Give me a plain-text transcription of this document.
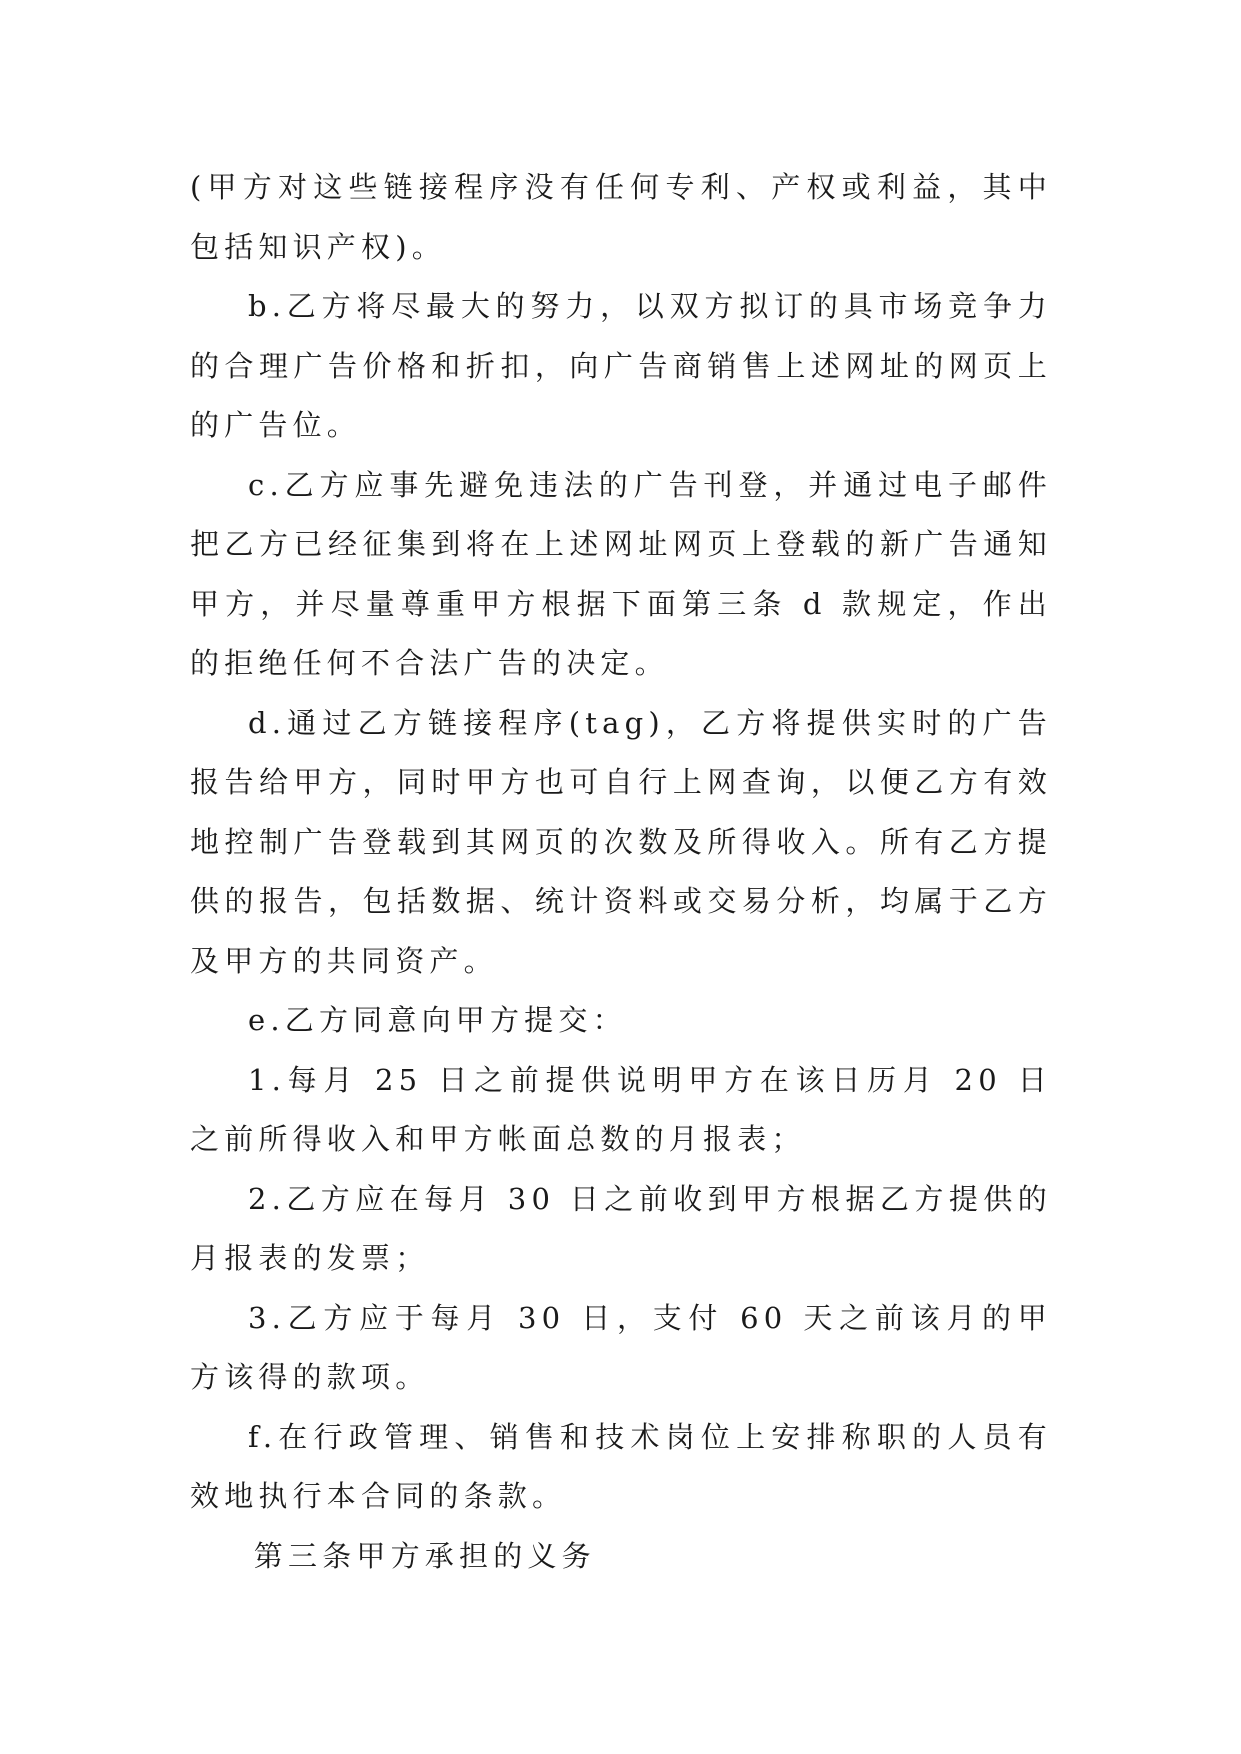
(甲方对这些链接程序没有任何专利、产权或利益，其中包括知识产权)。

b.乙方将尽最大的努力，以双方拟订的具市场竞争力的合理广告价格和折扣，向广告商销售上述网址的网页上的广告位。

c.乙方应事先避免违法的广告刊登，并通过电子邮件把乙方已经征集到将在上述网址网页上登载的新广告通知甲方，并尽量尊重甲方根据下面第三条 d 款规定，作出的拒绝任何不合法广告的决定。

d.通过乙方链接程序(tag)，乙方将提供实时的广告报告给甲方，同时甲方也可自行上网查询，以便乙方有效地控制广告登载到其网页的次数及所得收入。所有乙方提供的报告，包括数据、统计资料或交易分析，均属于乙方及甲方的共同资产。

e.乙方同意向甲方提交：

1.每月 25 日之前提供说明甲方在该日历月 20 日之前所得收入和甲方帐面总数的月报表；

2.乙方应在每月 30 日之前收到甲方根据乙方提供的月报表的发票；

3.乙方应于每月 30 日，支付 60 天之前该月的甲方该得的款项。

f.在行政管理、销售和技术岗位上安排称职的人员有效地执行本合同的条款。

第三条甲方承担的义务
